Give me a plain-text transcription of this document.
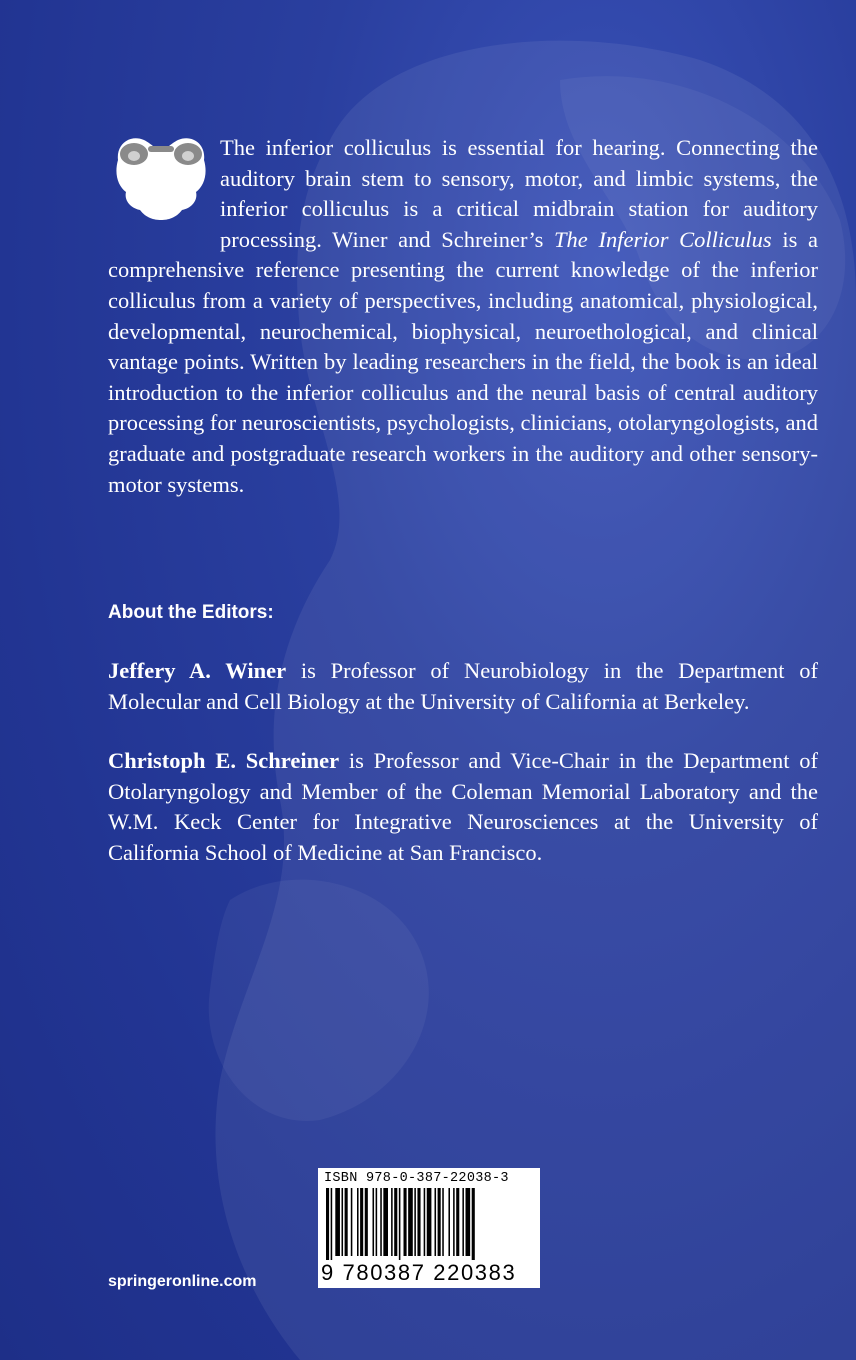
The inferior colliculus is essential for hearing. Connecting the auditory brain stem to sensory, motor, and limbic systems, the inferior colliculus is a critical midbrain station for auditory processing. Winer and Schreiner’s The Inferior Colliculus is a comprehensive reference presenting the current knowledge of the inferior colliculus from a variety of perspectives, including anatomical, physiological, developmental, neurochemical, biophysical, neuroethological, and clinical vantage points. Written by leading researchers in the field, the book is an ideal introduction to the inferior colliculus and the neural basis of central auditory processing for neuroscientists, psychologists, clinicians, otolaryngologists, and graduate and postgraduate research workers in the auditory and other sensory-motor systems.

About the Editors:

Jeffery A. Winer is Professor of Neurobiology in the Department of Molecular and Cell Biology at the University of California at Berkeley.

Christoph E. Schreiner is Professor and Vice-Chair in the Department of Otolaryngology and Member of the Coleman Memorial Laboratory and the W.M. Keck Center for Integrative Neurosciences at the University of California School of Medicine at San Francisco.

springeronline.com
ISBN 978-0-387-22038-3
9 780387 220383
